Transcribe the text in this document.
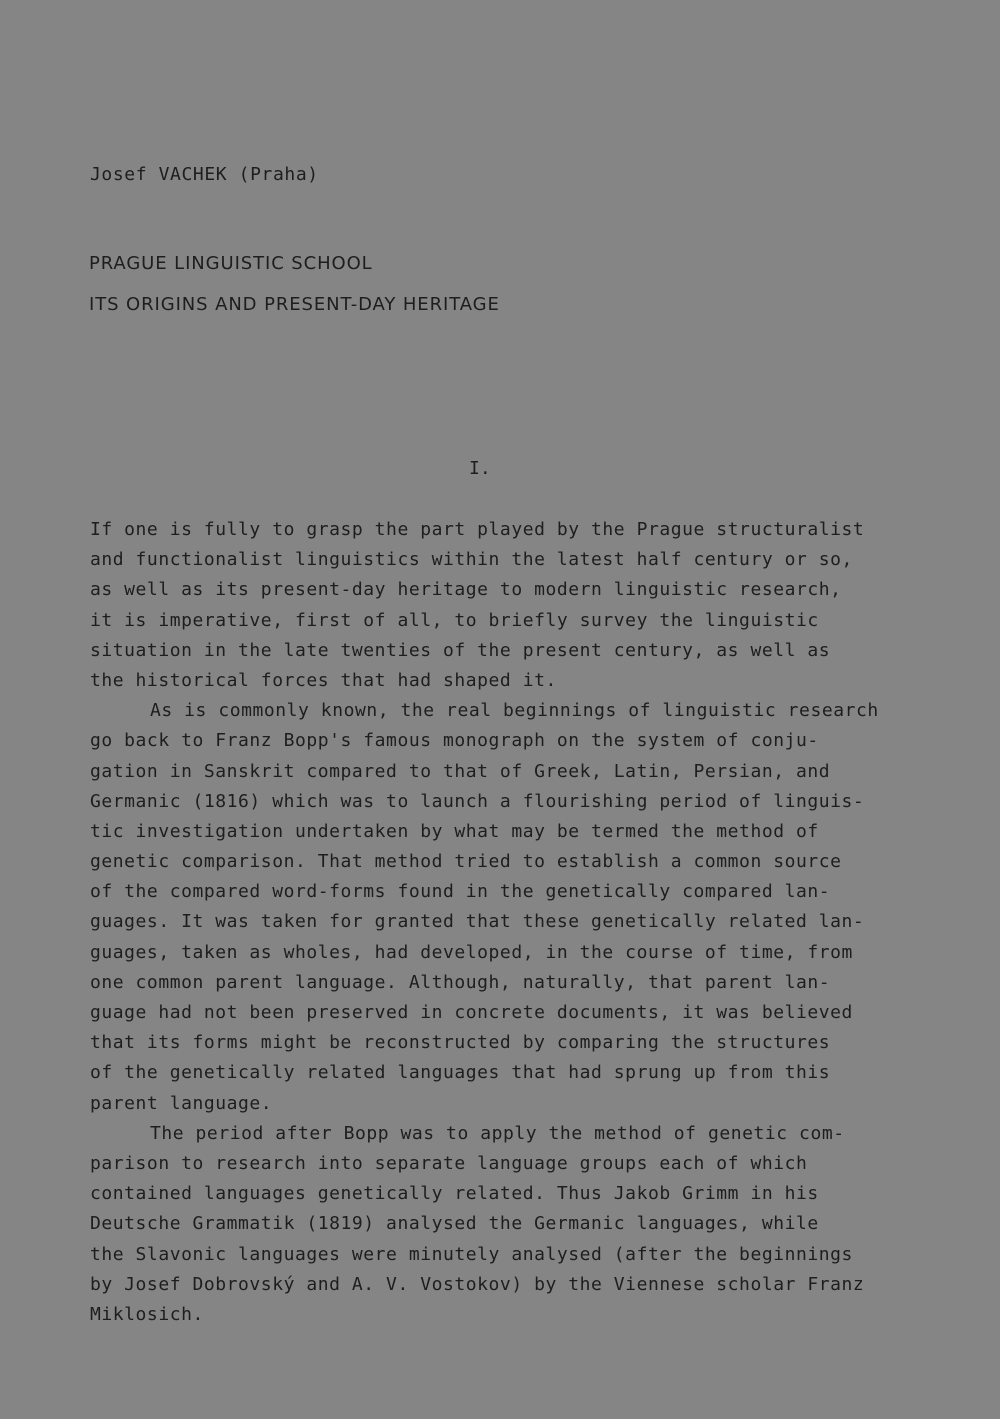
Josef VACHEK (Praha)
PRAGUE LINGUISTIC SCHOOL
ITS ORIGINS AND PRESENT-DAY HERITAGE
I.
If one is fully to grasp the part played by the Prague structuralist
and functionalist linguistics within the latest half century or so,
as well as its present-day heritage to modern linguistic research,
it is imperative, first of all, to briefly survey the linguistic
situation in the late twenties of the present century, as well as
the historical forces that had shaped it.
As is commonly known, the real beginnings of linguistic research
go back to Franz Bopp's famous monograph on the system of conju-
gation in Sanskrit compared to that of Greek, Latin, Persian, and
Germanic (1816) which was to launch a flourishing period of linguis-
tic investigation undertaken by what may be termed the method of
genetic comparison. That method tried to establish a common source
of the compared word-forms found in the genetically compared lan-
guages. It was taken for granted that these genetically related lan-
guages, taken as wholes, had developed, in the course of time, from
one common parent language. Although, naturally, that parent lan-
guage had not been preserved in concrete documents, it was believed
that its forms might be reconstructed by comparing the structures
of the genetically related languages that had sprung up from this
parent language.
The period after Bopp was to apply the method of genetic com-
parison to research into separate language groups each of which
contained languages genetically related. Thus Jakob Grimm in his
Deutsche Grammatik (1819) analysed the Germanic languages, while
the Slavonic languages were minutely analysed (after the beginnings
by Josef Dobrovský and A. V. Vostokov) by the Viennese scholar Franz
Miklosich.
